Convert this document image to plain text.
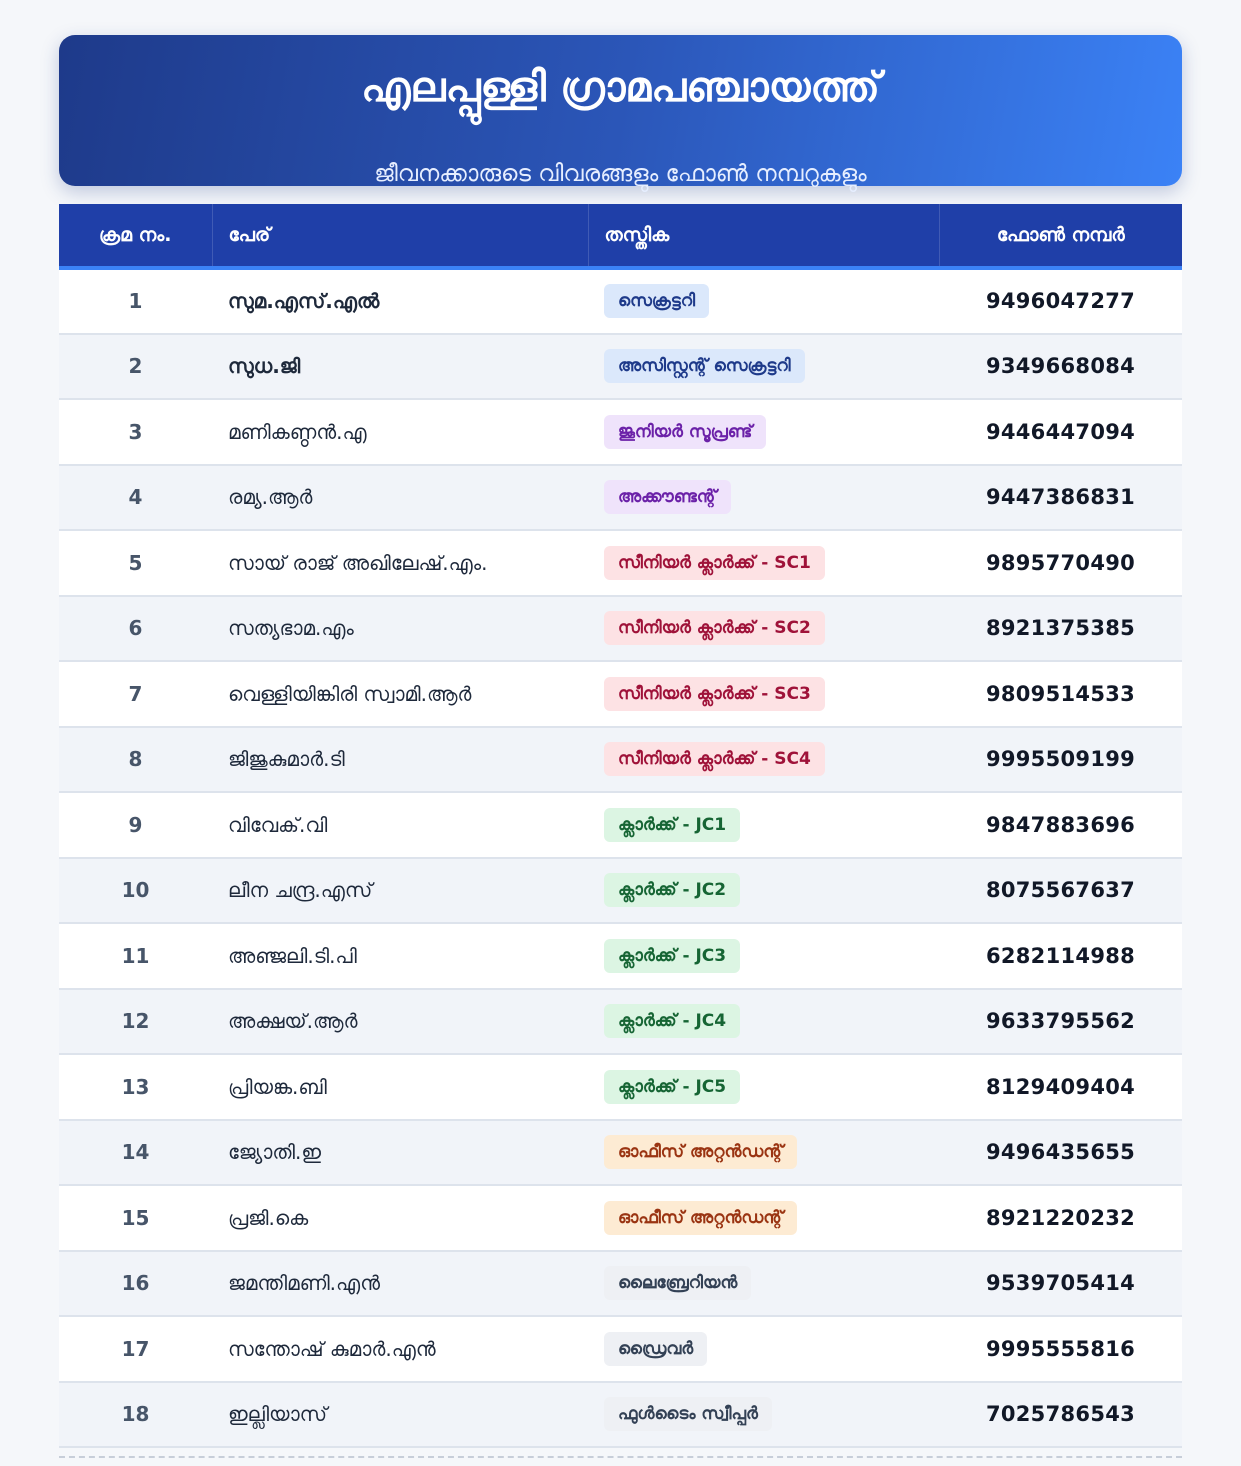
എലപ്പുള്ളി ഗ്രാമപഞ്ചായത്ത്
ജീവനക്കാരുടെ വിവരങ്ങളും ഫോൺ നമ്പറുകളും
ക്രമ നം.	പേര്	തസ്തിക	ഫോൺ നമ്പർ
1	സുമ.എസ്.എൽ	സെക്രട്ടറി	9496047277
2	സുധ.ജി	അസിസ്റ്റന്റ് സെക്രട്ടറി	9349668084
3	മണികണ്ഠൻ.എ	ജൂനിയർ സൂപ്രണ്ട്	9446447094
4	രമ്യ.ആർ	അക്കൗണ്ടന്റ്	9447386831
5	സായ് രാജ് അഖിലേഷ്.എം.	സീനിയർ ക്ലാർക്ക് - SC1	9895770490
6	സത്യഭാമ.എം	സീനിയർ ക്ലാർക്ക് - SC2	8921375385
7	വെള്ളിയിങ്കിരി സ്വാമി.ആർ	സീനിയർ ക്ലാർക്ക് - SC3	9809514533
8	ജിജുകുമാർ.ടി	സീനിയർ ക്ലാർക്ക് - SC4	9995509199
9	വിവേക്.വി	ക്ലാർക്ക് - JC1	9847883696
10	ലീന ചന്ദ്ര.എസ്	ക്ലാർക്ക് - JC2	8075567637
11	അഞ്ജലി.ടി.പി	ക്ലാർക്ക് - JC3	6282114988
12	അക്ഷയ്.ആർ	ക്ലാർക്ക് - JC4	9633795562
13	പ്രിയങ്ക.ബി	ക്ലാർക്ക് - JC5	8129409404
14	ജ്യോതി.ഇ	ഓഫീസ് അറ്റൻഡന്റ്	9496435655
15	പ്രജി.കെ	ഓഫീസ് അറ്റൻഡന്റ്	8921220232
16	ജമന്തിമണി.എൻ	ലൈബ്രേറിയൻ	9539705414
17	സന്തോഷ് കുമാർ.എൻ	ഡ്രൈവർ	9995555816
18	ഇല്ലിയാസ്	ഫുൾടൈം സ്വീപ്പർ	7025786543
